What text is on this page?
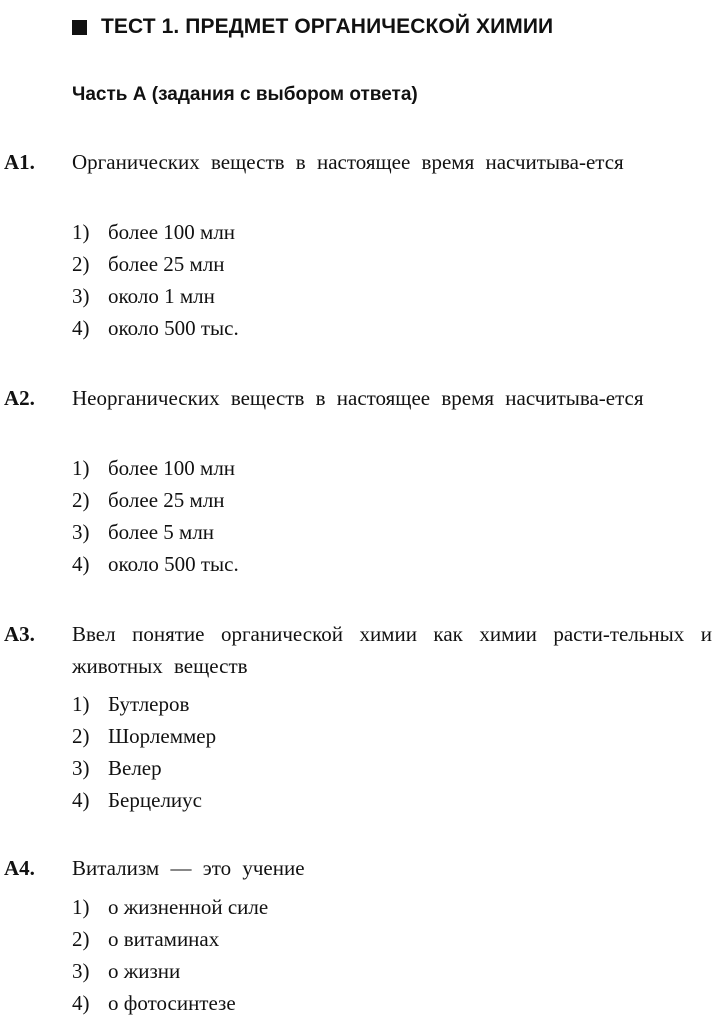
ТЕСТ 1. ПРЕДМЕТ ОРГАНИЧЕСКОЙ ХИМИИ
Часть А (задания с выбором ответа)
А1. Органических веществ в настоящее время насчитыва-ется
1) более 100 млн
2) более 25 млн
3) около 1 млн
4) около 500 тыс.
А2. Неорганических веществ в настоящее время насчитыва-ется
1) более 100 млн
2) более 25 млн
3) более 5 млн
4) около 500 тыс.
А3. Ввел понятие органической химии как химии расти-тельных и животных веществ
1) Бутлеров
2) Шорлеммер
3) Велер
4) Берцелиус
А4. Витализм — это учение
1) о жизненной силе
2) о витаминах
3) о жизни
4) о фотосинтезе
